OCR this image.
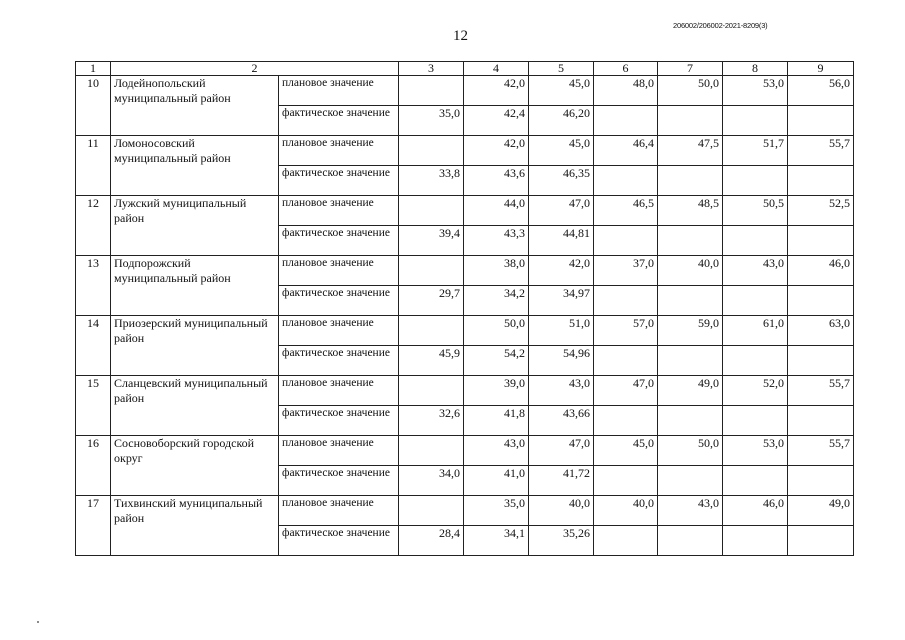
12
206002/206002-2021-8209(3)
1	2		3	4	5	6	7	8	9
10	Лодейнопольский муниципальный район	плановое значение		42,0	45,0	48,0	50,0	53,0	56,0
		фактическое значение	35,0	42,4	46,20				
11	Ломоносовский муниципальный район	плановое значение		42,0	45,0	46,4	47,5	51,7	55,7
		фактическое значение	33,8	43,6	46,35				
12	Лужский муниципальный район	плановое значение		44,0	47,0	46,5	48,5	50,5	52,5
		фактическое значение	39,4	43,3	44,81				
13	Подпорожский муниципальный район	плановое значение		38,0	42,0	37,0	40,0	43,0	46,0
		фактическое значение	29,7	34,2	34,97				
14	Приозерский муниципальный район	плановое значение		50,0	51,0	57,0	59,0	61,0	63,0
		фактическое значение	45,9	54,2	54,96				
15	Сланцевский муниципальный район	плановое значение		39,0	43,0	47,0	49,0	52,0	55,7
		фактическое значение	32,6	41,8	43,66				
16	Сосновоборский городской округ	плановое значение		43,0	47,0	45,0	50,0	53,0	55,7
		фактическое значение	34,0	41,0	41,72				
17	Тихвинский муниципальный район	плановое значение		35,0	40,0	40,0	43,0	46,0	49,0
		фактическое значение	28,4	34,1	35,26				
